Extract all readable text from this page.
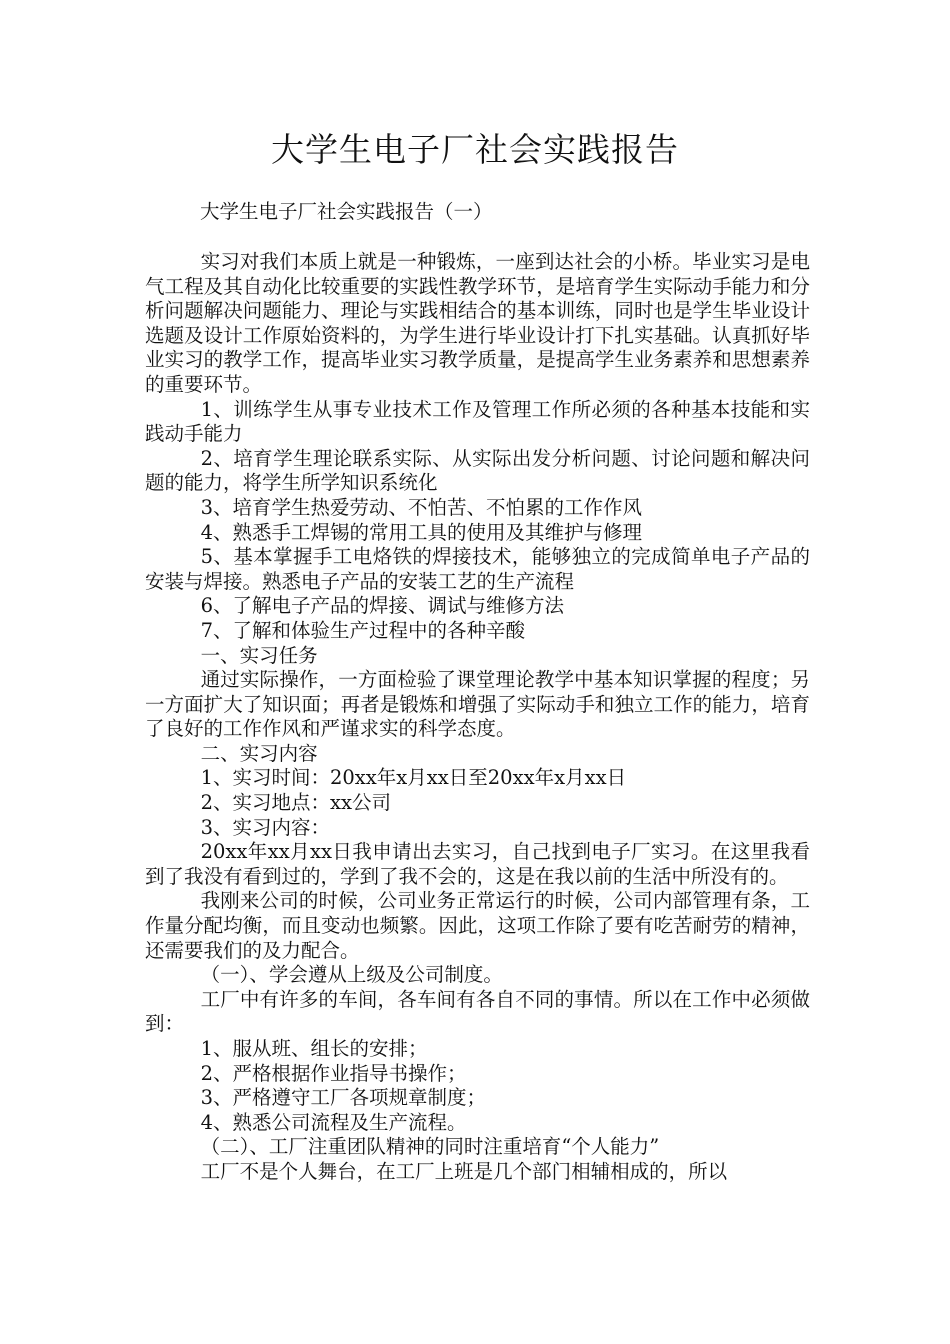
大学生电子厂社会实践报告
大学生电子厂社会实践报告（一）

实习对我们本质上就是一种锻炼，一座到达社会的小桥。毕业实习是电气工程及其自动化比较重要的实践性教学环节，是培育学生实际动手能力和分析问题解决问题能力、理论与实践相结合的基本训练，同时也是学生毕业设计选题及设计工作原始资料的，为学生进行毕业设计打下扎实基础。认真抓好毕业实习的教学工作，提高毕业实习教学质量，是提高学生业务素养和思想素养的重要环节。

1、训练学生从事专业技术工作及管理工作所必须的各种基本技能和实践动手能力

2、培育学生理论联系实际、从实际出发分析问题、讨论问题和解决问题的能力，将学生所学知识系统化

3、培育学生热爱劳动、不怕苦、不怕累的工作作风

4、熟悉手工焊锡的常用工具的使用及其维护与修理

5、基本掌握手工电烙铁的焊接技术，能够独立的完成简单电子产品的安装与焊接。熟悉电子产品的安装工艺的生产流程

6、了解电子产品的焊接、调试与维修方法

7、了解和体验生产过程中的各种辛酸

一、实习任务

通过实际操作，一方面检验了课堂理论教学中基本知识掌握的程度；另一方面扩大了知识面；再者是锻炼和增强了实际动手和独立工作的能力，培育了良好的工作作风和严谨求实的科学态度。

二、实习内容

1、实习时间：20xx年x月xx日至20xx年x月xx日

2、实习地点：xx公司

3、实习内容：

20xx年xx月xx日我申请出去实习，自己找到电子厂实习。在这里我看到了我没有看到过的，学到了我不会的，这是在我以前的生活中所没有的。

我刚来公司的时候，公司业务正常运行的时候，公司内部管理有条，工作量分配均衡，而且变动也频繁。因此，这项工作除了要有吃苦耐劳的精神，还需要我们的及力配合。

（一）、学会遵从上级及公司制度。

工厂中有许多的车间，各车间有各自不同的事情。所以在工作中必须做到：

1、服从班、组长的安排；

2、严格根据作业指导书操作；

3、严格遵守工厂各项规章制度；

4、熟悉公司流程及生产流程。

（二）、工厂注重团队精神的同时注重培育“个人能力”

工厂不是个人舞台，在工厂上班是几个部门相辅相成的，所以
